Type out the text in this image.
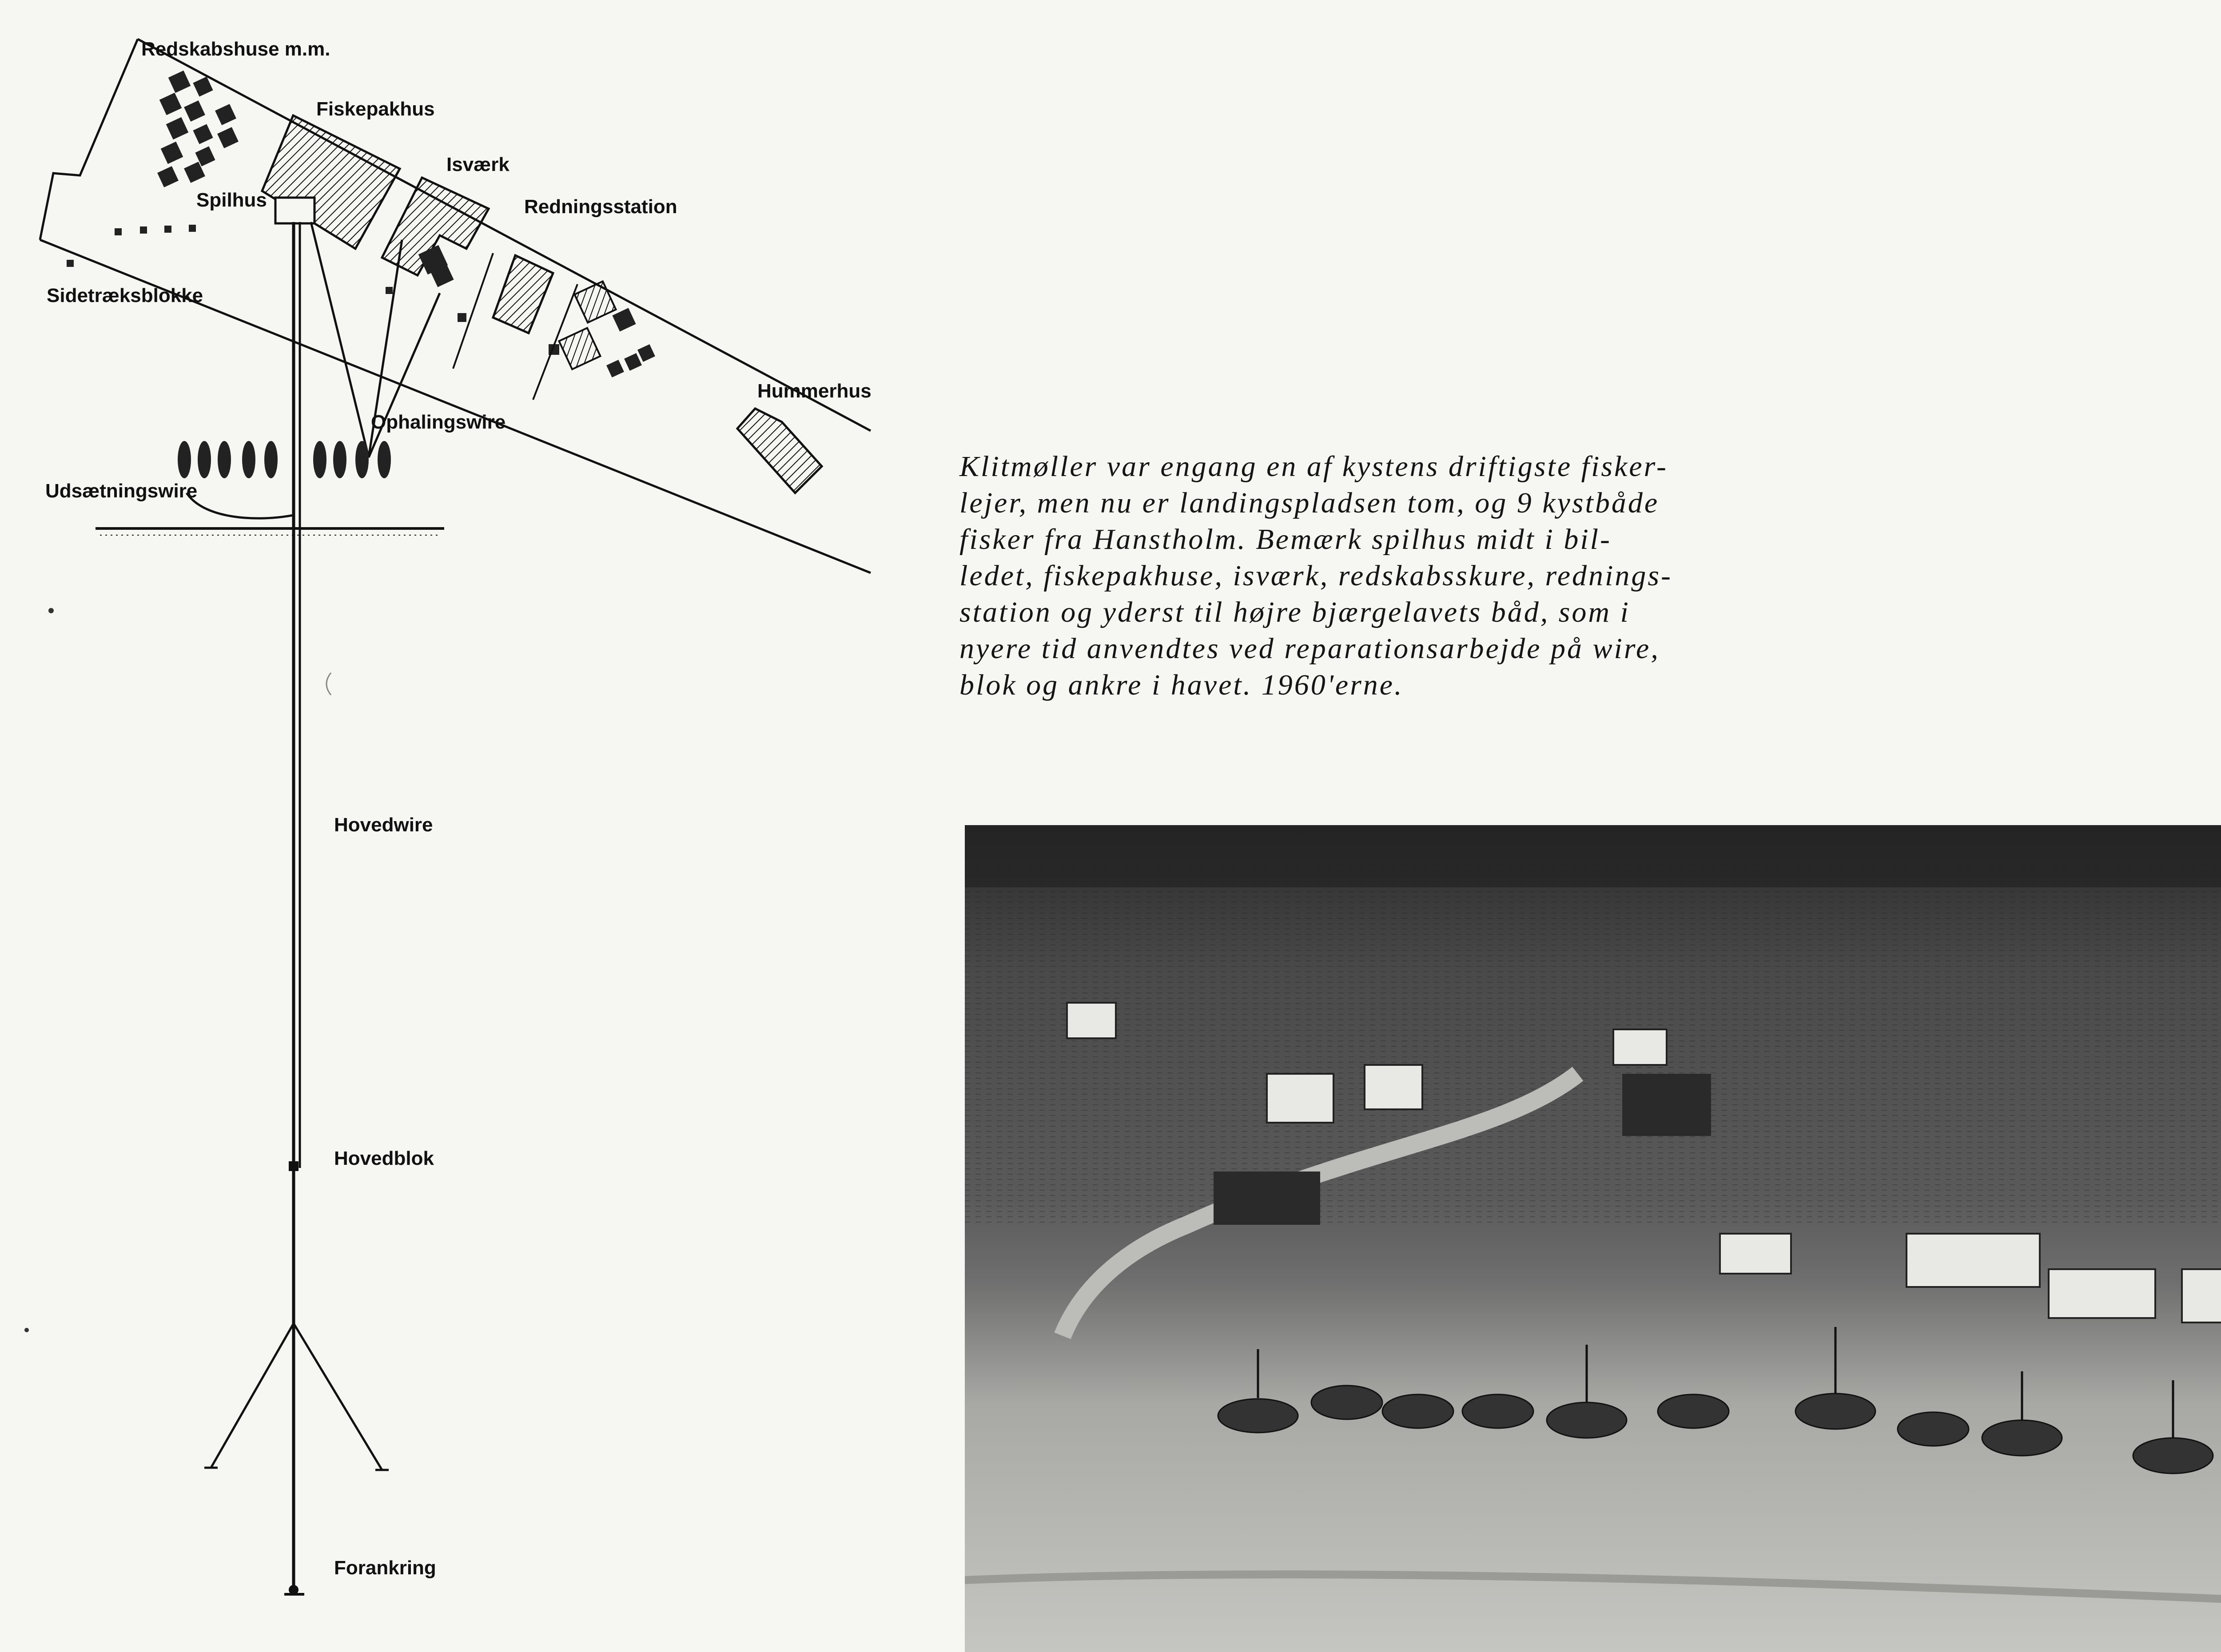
Redskabshuse m.m.
Fiskepakhus
Isværk
Spilhus	Redningsstation
Sidetræksblokke
Hummerhus
Ophalingswire
Udsætningswire
Hovedwire
Hovedblok
Forankring
Klitmøller var engang en af kystens driftigste fisker-
lejer, men nu er landingspladsen tom, og 9 kystbåde
fisker fra Hanstholm. Bemærk spilhus midt i bil-
ledet, fiskepakhuse, isværk, redskabsskure, rednings-
station og yderst til højre bjærgelavets båd, som i
nyere tid anvendtes ved reparationsarbejde på wire,
blok og ankre i havet. 1960'erne.
